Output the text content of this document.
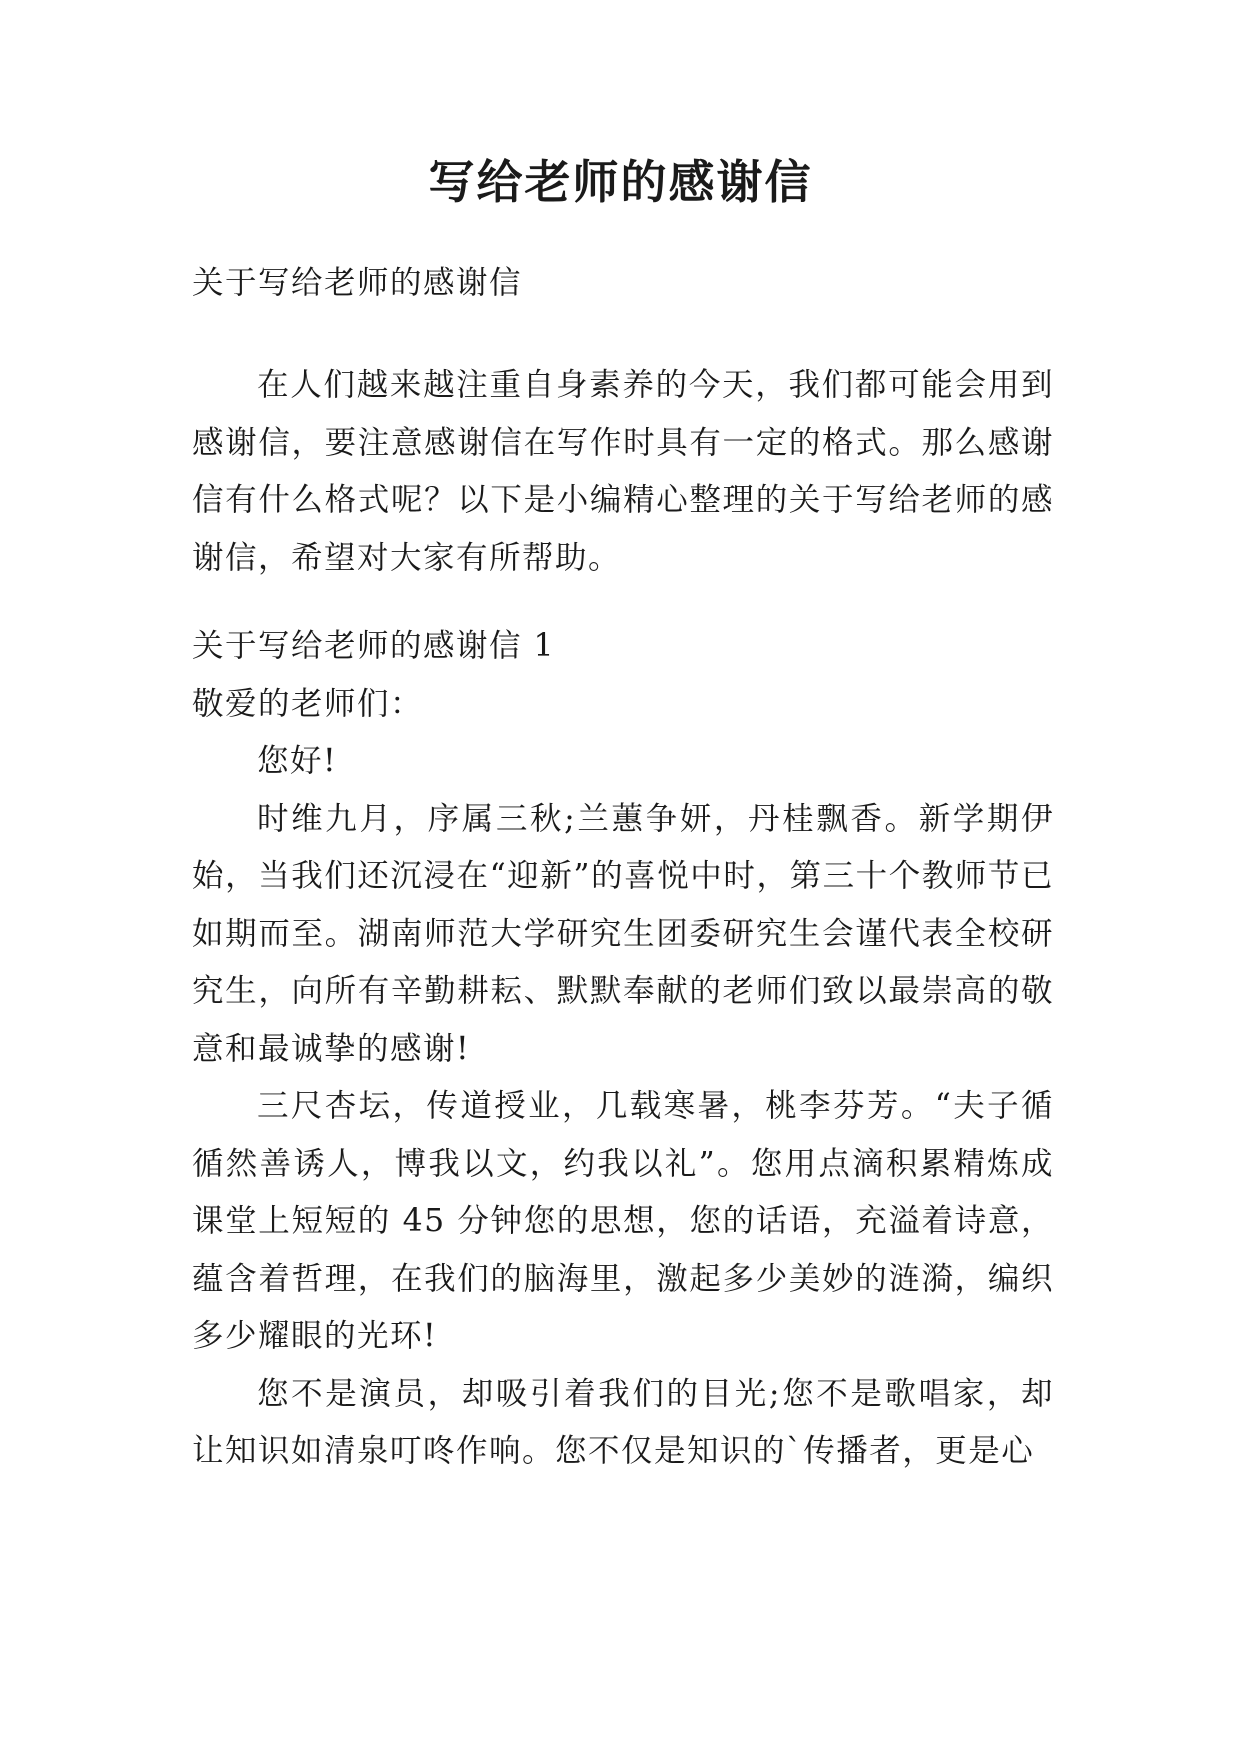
写给老师的感谢信

关于写给老师的感谢信

在人们越来越注重自身素养的今天，我们都可能会用到感谢信，要注意感谢信在写作时具有一定的格式。那么感谢信有什么格式呢？以下是小编精心整理的关于写给老师的感谢信，希望对大家有所帮助。

关于写给老师的感谢信 1

敬爱的老师们：

您好!

时维九月，序属三秋;兰蕙争妍，丹桂飘香。新学期伊始，当我们还沉浸在“迎新”的喜悦中时，第三十个教师节已如期而至。湖南师范大学研究生团委研究生会谨代表全校研究生，向所有辛勤耕耘、默默奉献的老师们致以最崇高的敬意和最诚挚的感谢!

三尺杏坛，传道授业，几载寒暑，桃李芬芳。“夫子循循然善诱人，博我以文，约我以礼”。您用点滴积累精炼成课堂上短短的 45 分钟您的思想，您的话语，充溢着诗意，蕴含着哲理，在我们的脑海里，激起多少美妙的涟漪，编织多少耀眼的光环!

您不是演员，却吸引着我们的目光;您不是歌唱家，却让知识如清泉叮咚作响。您不仅是知识的`传播者，更是心
